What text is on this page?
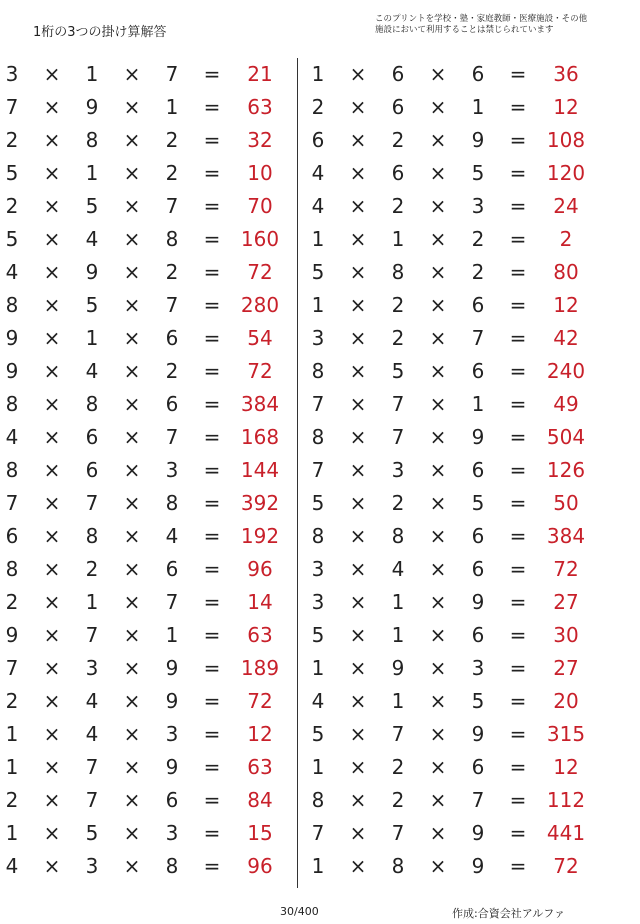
1桁の3つの掛け算解答
このプリントを学校・塾・家庭教師・医療施設・その他
施設において利用することは禁じられています
3 × 1 × 7 =	21
7 × 9 × 1 =	63
2 × 8 × 2 =	32
5 × 1 × 2 =	10
2 × 5 × 7 =	70
5 × 4 × 8 =	160
4 × 9 × 2 =	72
8 × 5 × 7 =	280
9 × 1 × 6 =	54
9 × 4 × 2 =	72
8 × 8 × 6 =	384
4 × 6 × 7 =	168
8 × 6 × 3 =	144
7 × 7 × 8 =	392
6 × 8 × 4 =	192
8 × 2 × 6 =	96
2 × 1 × 7 =	14
9 × 7 × 1 =	63
7 × 3 × 9 =	189
2 × 4 × 9 =	72
1 × 4 × 3 =	12
1 × 7 × 9 =	63
2 × 7 × 6 =	84
1 × 5 × 3 =	15
4 × 3 × 8 =	96
1 × 6 × 6 =	36
2 × 6 × 1 =	12
6 × 2 × 9 =	108
4 × 6 × 5 =	120
4 × 2 × 3 =	24
1 × 1 × 2 =	2
5 × 8 × 2 =	80
1 × 2 × 6 =	12
3 × 2 × 7 =	42
8 × 5 × 6 =	240
7 × 7 × 1 =	49
8 × 7 × 9 =	504
7 × 3 × 6 =	126
5 × 2 × 5 =	50
8 × 8 × 6 =	384
3 × 4 × 6 =	72
3 × 1 × 9 =	27
5 × 1 × 6 =	30
1 × 9 × 3 =	27
4 × 1 × 5 =	20
5 × 7 × 9 =	315
1 × 2 × 6 =	12
8 × 2 × 7 =	112
7 × 7 × 9 =	441
1 × 8 × 9 =	72
30/400	作成:合資会社アルファ
